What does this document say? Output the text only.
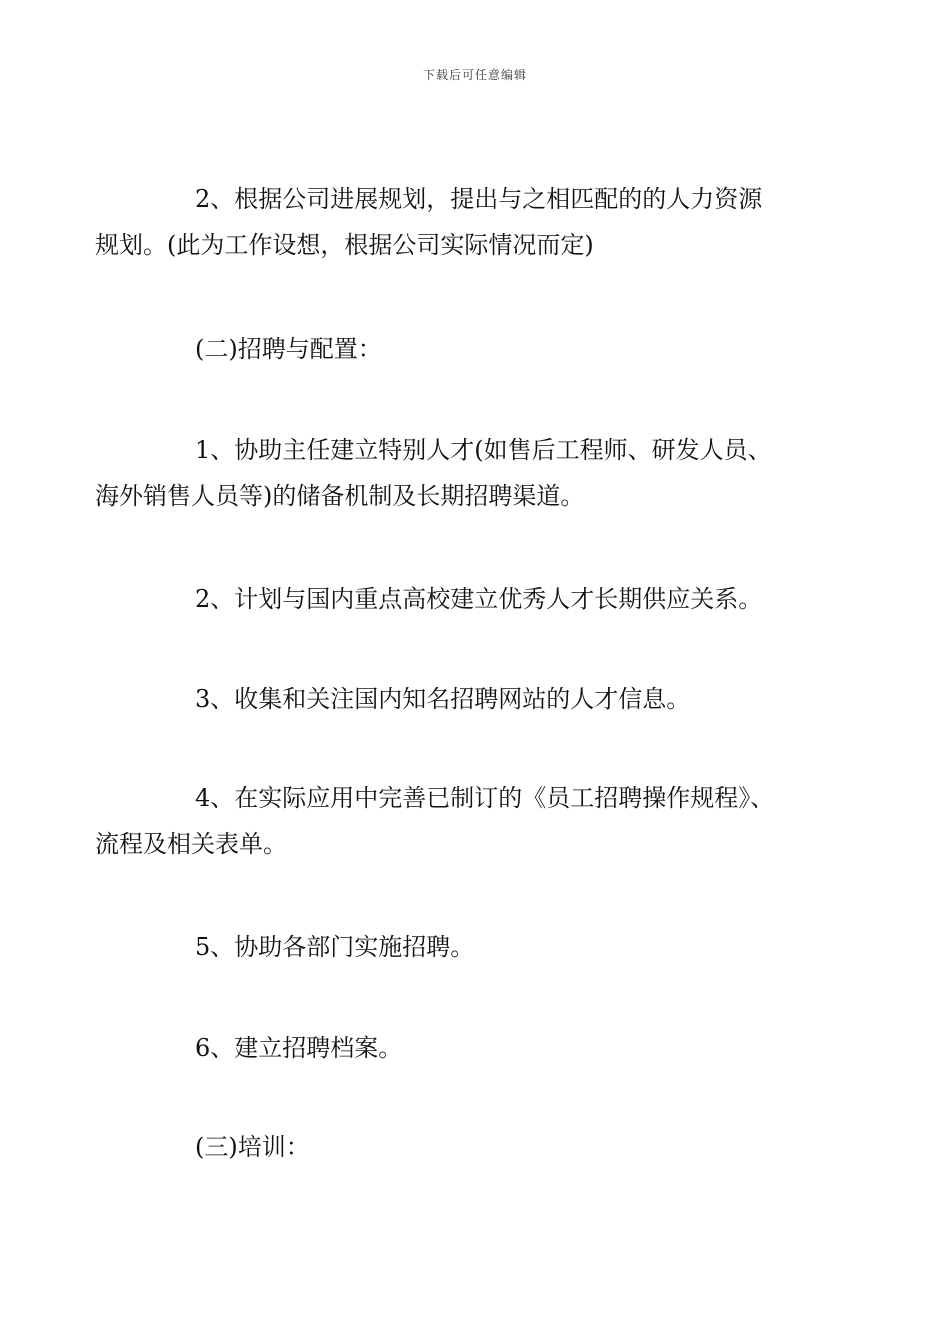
下载后可任意编辑
2、根据公司进展规划，提出与之相匹配的的人力资源
规划。(此为工作设想，根据公司实际情况而定)
(二)招聘与配置：
1、协助主任建立特别人才(如售后工程师、研发人员、
海外销售人员等)的储备机制及长期招聘渠道。
2、计划与国内重点高校建立优秀人才长期供应关系。
3、收集和关注国内知名招聘网站的人才信息。
4、在实际应用中完善已制订的《员工招聘操作规程》、
流程及相关表单。
5、协助各部门实施招聘。
6、建立招聘档案。
(三)培训：
